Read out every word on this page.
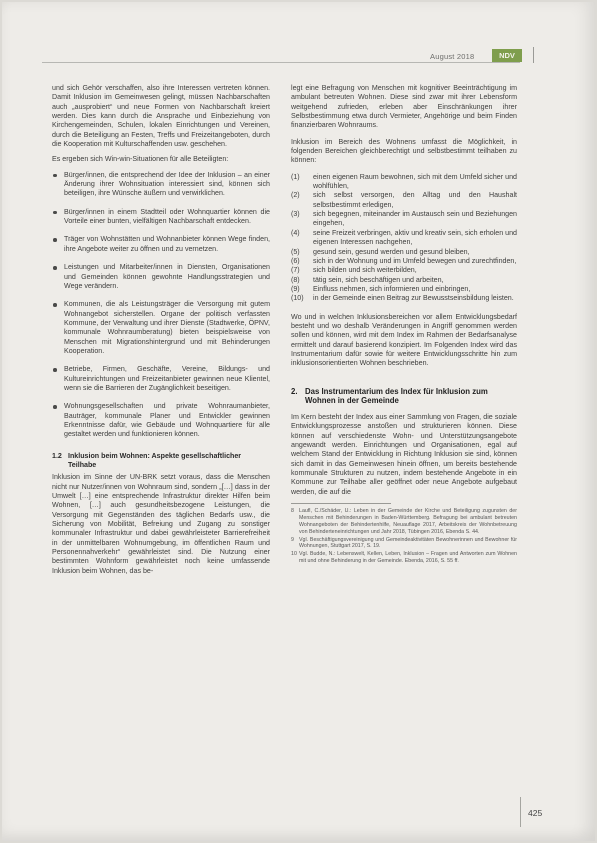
August 2018	NDV

und sich Gehör verschaffen, also ihre Interessen vertreten können. Damit Inklusion im Gemeinwesen gelingt, müssen Nachbarschaften auch „ausprobiert“ und neue Formen von Nachbarschaft kreiert werden. Dies kann durch die Ansprache und Einbeziehung von Kirchengemeinden, Schulen, lokalen Einrichtungen und Vereinen, durch die Beteiligung an Festen, Treffs und Freizeitangeboten, durch die Kooperation mit Kulturschaffenden usw. geschehen.

Es ergeben sich Win-win-Situationen für alle Beteiligten:

Bürger/innen, die entsprechend der Idee der Inklusion – an einer Änderung ihrer Wohnsituation interessiert sind, können sich beteiligen, ihre Wünsche äußern und verwirklichen.
Bürger/innen in einem Stadtteil oder Wohnquartier können die Vorteile einer bunten, vielfältigen Nachbarschaft entdecken.
Träger von Wohnstätten und Wohnanbieter können Wege finden, ihre Angebote weiter zu öffnen und zu vernetzen.
Leistungen und Mitarbeiter/innen in Diensten, Organisationen und Gemeinden können gewohnte Handlungsstrategien und Wege verändern.
Kommunen, die als Leistungsträger die Versorgung mit gutem Wohnangebot sicherstellen. Organe der politisch verfassten Kommune, der Verwaltung und ihrer Dienste (Stadtwerke, ÖPNV, kommunale Wohnraumberatung) bieten beispielsweise von Menschen mit Migrationshintergrund und mit Behinderungen Kooperation.
Betriebe, Firmen, Geschäfte, Vereine, Bildungs- und Kultureinrichtungen und Freizeitanbieter gewinnen neue Klientel, wenn sie die Barrieren der Zugänglichkeit beseitigen.
Wohnungsgesellschaften und private Wohnraumanbieter, Bauträger, kommunale Planer und Entwickler gewinnen Erkenntnisse dafür, wie Gebäude und Wohnquartiere für alle gestaltet werden und funktionieren können.
1.2 Inklusion beim Wohnen: Aspekte gesellschaftlicher Teilhabe

Inklusion im Sinne der UN-BRK setzt voraus, dass die Menschen nicht nur Nutzer/innen von Wohnraum sind, sondern „[…] dass in der Umwelt […] eine entsprechende Infrastruktur direkter Hilfen beim Wohnen, […] auch gesundheitsbezogene Leistungen, die Versorgung mit Gegenständen des täglichen Bedarfs usw., die Sicherung von Mobilität, Befreiung und Zugang zu sonstiger kommunaler Infrastruktur und dabei gewährleisteter Barrierefreiheit in der unmittelbaren Wohnumgebung, im öffentlichen Raum und Personennahverkehr“ gewährleistet sind. Die Nutzung einer bestimmten Wohnform gewährleistet noch keine umfassende Inklusion beim Wohnen, das be-

legt eine Befragung von Menschen mit kognitiver Beeinträchtigung im ambulant betreuten Wohnen. Diese sind zwar mit ihrer Lebensform weitgehend zufrieden, erleben aber Einschränkungen ihrer Selbstbestimmung etwa durch Vermieter, Angehörige und beim Finden finanzierbaren Wohnraums.

Inklusion im Bereich des Wohnens umfasst die Möglichkeit, in folgenden Bereichen gleichberechtigt und selbstbestimmt teilhaben zu können:

(1)	einen eigenen Raum bewohnen, sich mit dem Umfeld sicher und wohlfühlen,
(2)	sich selbst versorgen, den Alltag und den Haushalt selbstbestimmt erledigen,
(3)	sich begegnen, miteinander im Austausch sein und Beziehungen eingehen,
(4)	seine Freizeit verbringen, aktiv und kreativ sein, sich erholen und eigenen Interessen nachgehen,
(5)	gesund sein, gesund werden und gesund bleiben,
(6)	sich in der Wohnung und im Umfeld bewegen und zurechtfinden,
(7)	sich bilden und sich weiterbilden,
(8)	tätig sein, sich beschäftigen und arbeiten,
(9)	Einfluss nehmen, sich informieren und einbringen,
(10)	in der Gemeinde einen Beitrag zur Bewusstseinsbildung leisten.

Wo und in welchen Inklusionsbereichen vor allem Entwicklungsbedarf besteht und wo deshalb Veränderungen in Angriff genommen werden sollen und können, wird mit dem Index im Rahmen der Bedarfsanalyse ermittelt und darauf basierend konzipiert. Im Folgenden Index wird das Instrumentarium dafür sowie für weitere Entwicklungsschritte hin zum inklusionsorientierten Wohnen beschrieben.

2. Das Instrumentarium des Index für Inklusion zum Wohnen in der Gemeinde

Im Kern besteht der Index aus einer Sammlung von Fragen, die soziale Entwicklungsprozesse anstoßen und strukturieren können. Diese können auf verschiedenste Wohn- und Unterstützungsangebote angewandt werden. Einrichtungen und Organisationen, egal auf welchem Stand der Entwicklung in Richtung Inklusion sie sind, können sich damit in das Gemeinwesen hinein öffnen, um bereits bestehende kommunale Strukturen zu nutzen, indem bestehende Angebote in ein Kommune zur Teilhabe aller geöffnet oder neue Angebote aufgebaut werden, die auf die

8 Laufl, C./Schäder, U.: Leben in der Gemeinde der Kirche und Beteiligung zugunsten der Menschen mit Behinderungen in Baden-Württemberg. Befragung bei ambulant betreuten Wohnangeboten der Behindertenhilfe, Neuauflage 2017, Arbeitskreis der Wohnbetreuung von Behinderteneinrichtungen und Jahr 2018, Tübingen 2016, Ebenda S. 44.
9 Vgl. Beschäftigungsvereinigung und Gemeindeaktivitäten Bewohnerinnen und Bewohner für Wohnungen, Stuttgart 2017, S. 19.
10 Vgl. Budde, N.: Lebenswelt, Kellen, Leben, Inklusion – Fragen und Antworten zum Wohnen mit und ohne Behinderung in der Gemeinde. Ebenda, 2016, S. 55 ff.
425
